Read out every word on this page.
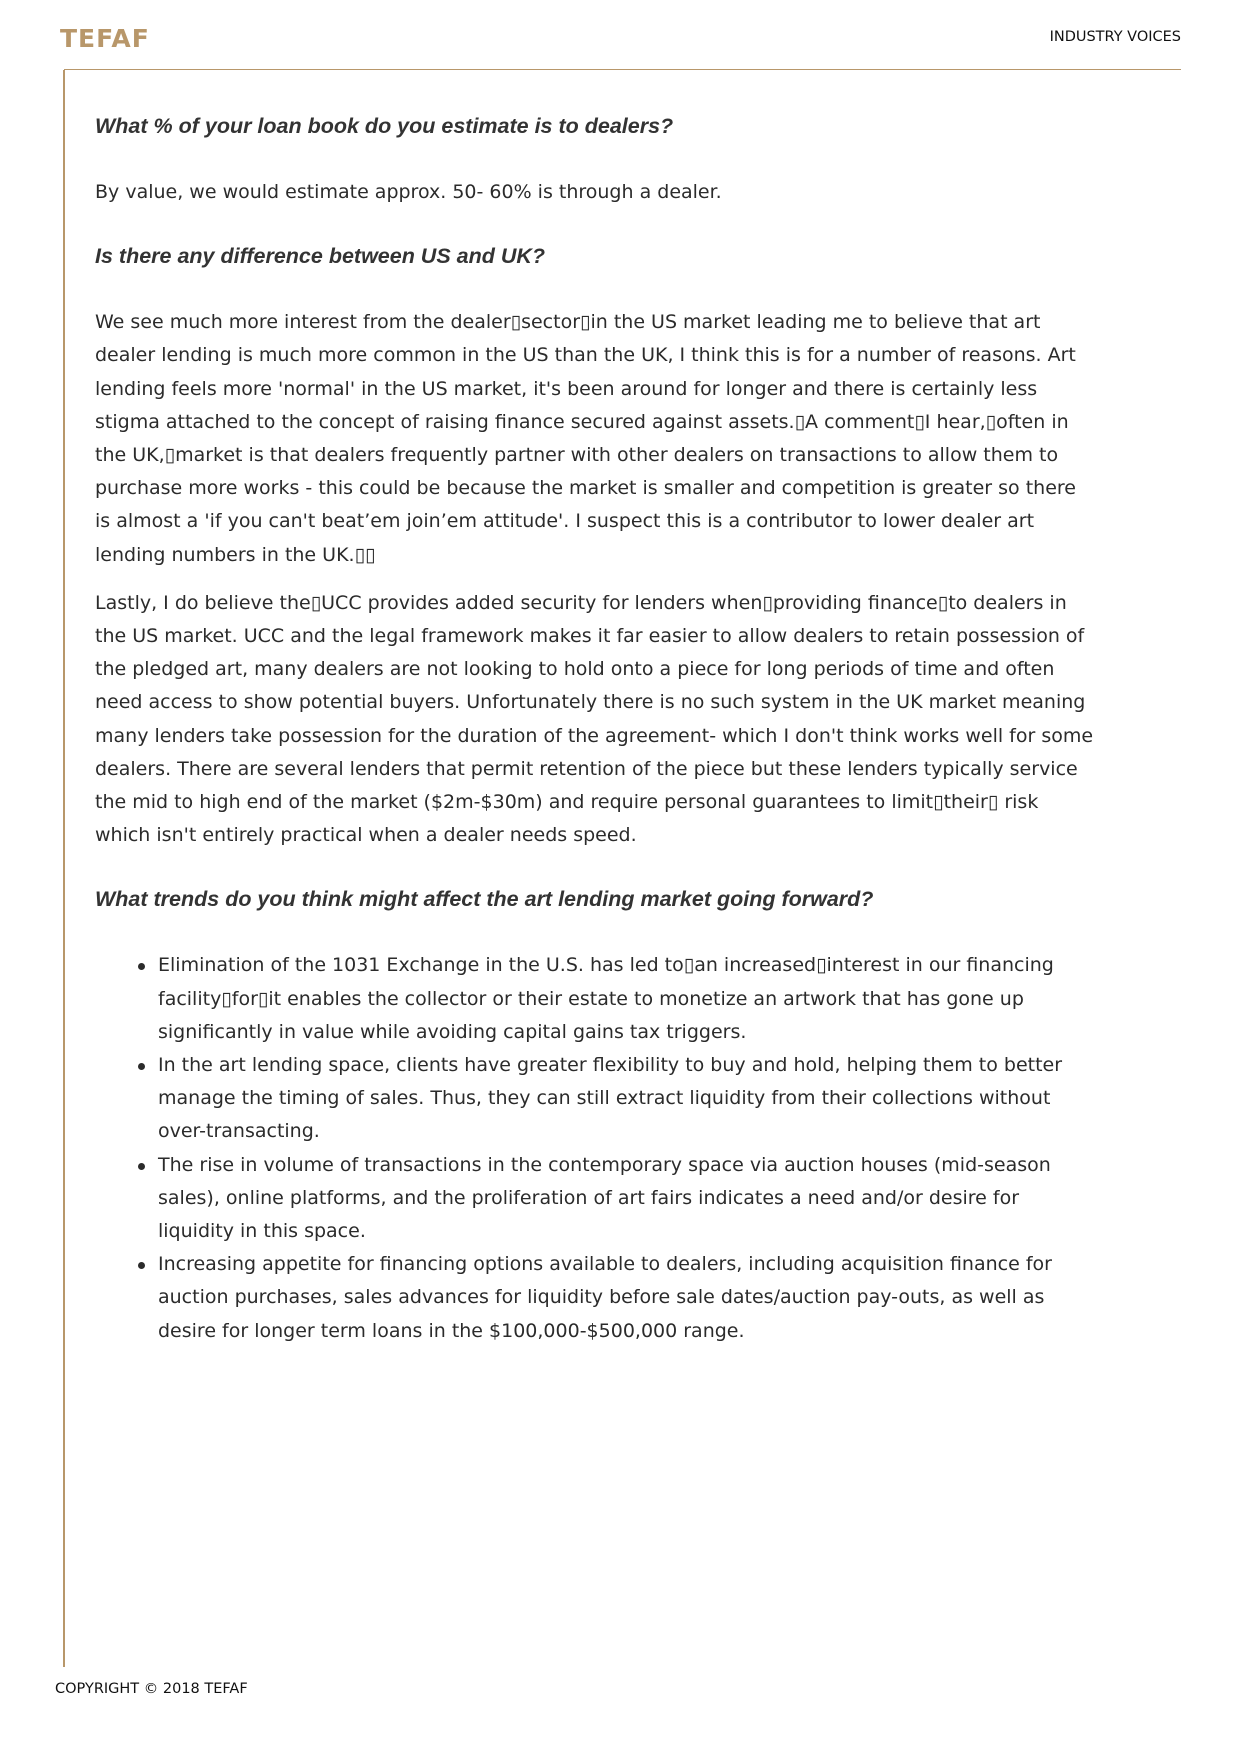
TEFAF	INDUSTRY VOICES

What % of your loan book do you estimate is to dealers?

By value, we would estimate approx. 50- 60% is through a dealer.

Is there any difference between US and UK?

We see much more interest from the dealer▯sector▯in the US market leading me to believe that art dealer lending is much more common in the US than the UK, I think this is for a number of reasons. Art lending feels more 'normal' in the US market, it's been around for longer and there is certainly less stigma attached to the concept of raising finance secured against assets.▯A comment▯I hear,▯often in the UK,▯market is that dealers frequently partner with other dealers on transactions to allow them to purchase more works - this could be because the market is smaller and competition is greater so there is almost a 'if you can't beat’em join’em attitude'. I suspect this is a contributor to lower dealer art lending numbers in the UK.▯▯

Lastly, I do believe the▯UCC provides added security for lenders when▯providing finance▯to dealers in the US market. UCC and the legal framework makes it far easier to allow dealers to retain possession of the pledged art, many dealers are not looking to hold onto a piece for long periods of time and often need access to show potential buyers. Unfortunately there is no such system in the UK market meaning many lenders take possession for the duration of the agreement- which I don't think works well for some dealers. There are several lenders that permit retention of the piece but these lenders typically service the mid to high end of the market ($2m-$30m) and require personal guarantees to limit▯their▯ risk which isn't entirely practical when a dealer needs speed.

What trends do you think might affect the art lending market going forward?

Elimination of the 1031 Exchange in the U.S. has led to▯an increased▯interest in our financing facility▯for▯it enables the collector or their estate to monetize an artwork that has gone up significantly in value while avoiding capital gains tax triggers.
In the art lending space, clients have greater flexibility to buy and hold, helping them to better manage the timing of sales. Thus, they can still extract liquidity from their collections without over-transacting.
The rise in volume of transactions in the contemporary space via auction houses (mid-season sales), online platforms, and the proliferation of art fairs indicates a need and/or desire for liquidity in this space.
Increasing appetite for financing options available to dealers, including acquisition finance for auction purchases, sales advances for liquidity before sale dates/auction pay-outs, as well as desire for longer term loans in the $100,000-$500,000 range.
COPYRIGHT © 2018 TEFAF
